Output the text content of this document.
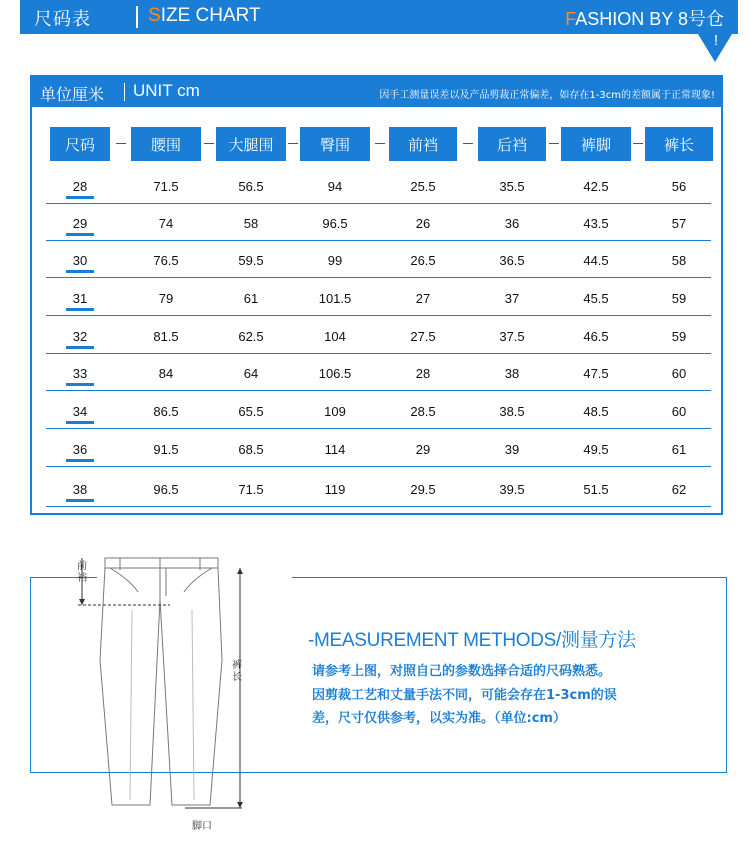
尺码表	SIZE CHART	FASHION BY 8号仓
!
单位厘米 UNIT cm	因手工测量误差以及产品剪裁正常偏差，如存在1-3cm的差额属于正常现象!
尺码	腰围	大腿围	臀围	前裆	后裆	裤脚	裤长
28	71.5	56.5	94	25.5	35.5	42.5	56
29	74	58	96.5	26	36	43.5	57
30	76.5	59.5	99	26.5	36.5	44.5	58
31	79	61	101.5	27	37	45.5	59
32	81.5	62.5	104	27.5	37.5	46.5	59
33	84	64	106.5	28	38	47.5	60
34	86.5	65.5	109	28.5	38.5	48.5	60
36	91.5	68.5	114	29	39	49.5	61
38	96.5	71.5	119	29.5	39.5	51.5	62
前裆
裤长
脚口
-MEASUREMENT METHODS/测量方法
请参考上图，对照自己的参数选择合适的尺码熟悉。
因剪裁工艺和丈量手法不同，可能会存在1-3cm的误
差，尺寸仅供参考，以实为准。（单位:cm）
